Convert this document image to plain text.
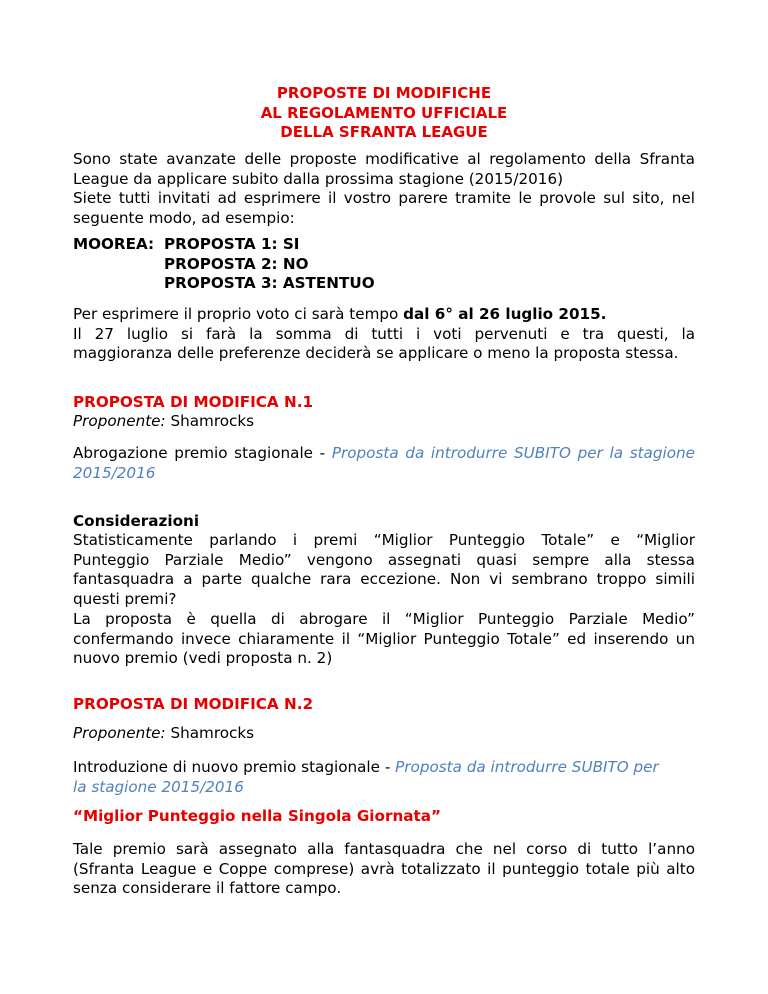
PROPOSTE DI MODIFICHE
AL REGOLAMENTO UFFICIALE
DELLA SFRANTA LEAGUE
Sono state avanzate delle proposte modificative al regolamento della Sfranta
League da applicare subito dalla prossima stagione (2015/2016)
Siete tutti invitati ad esprimere il vostro parere tramite le provole sul sito, nel
seguente modo, ad esempio:
MOOREA:	PROPOSTA 1: SI
	PROPOSTA 2: NO
	PROPOSTA 3: ASTENTUO
Per esprimere il proprio voto ci sarà tempo dal 6° al 26 luglio 2015.
Il 27 luglio si farà la somma di tutti i voti pervenuti e tra questi, la
maggioranza delle preferenze deciderà se applicare o meno la proposta stessa.
PROPOSTA DI MODIFICA N.1
Proponente: Shamrocks
Abrogazione premio stagionale - Proposta da introdurre SUBITO per la stagione
2015/2016
Considerazioni
Statisticamente parlando i premi “Miglior Punteggio Totale” e “Miglior
Punteggio Parziale Medio” vengono assegnati quasi sempre alla stessa
fantasquadra a parte qualche rara eccezione. Non vi sembrano troppo simili
questi premi?
La proposta è quella di abrogare il “Miglior Punteggio Parziale Medio”
confermando invece chiaramente il “Miglior Punteggio Totale” ed inserendo un
nuovo premio (vedi proposta n. 2)
PROPOSTA DI MODIFICA N.2
Proponente: Shamrocks
Introduzione di nuovo premio stagionale - Proposta da introdurre SUBITO per
la stagione 2015/2016
“Miglior Punteggio nella Singola Giornata”
Tale premio sarà assegnato alla fantasquadra che nel corso di tutto l’anno
(Sfranta League e Coppe comprese) avrà totalizzato il punteggio totale più alto
senza considerare il fattore campo.
